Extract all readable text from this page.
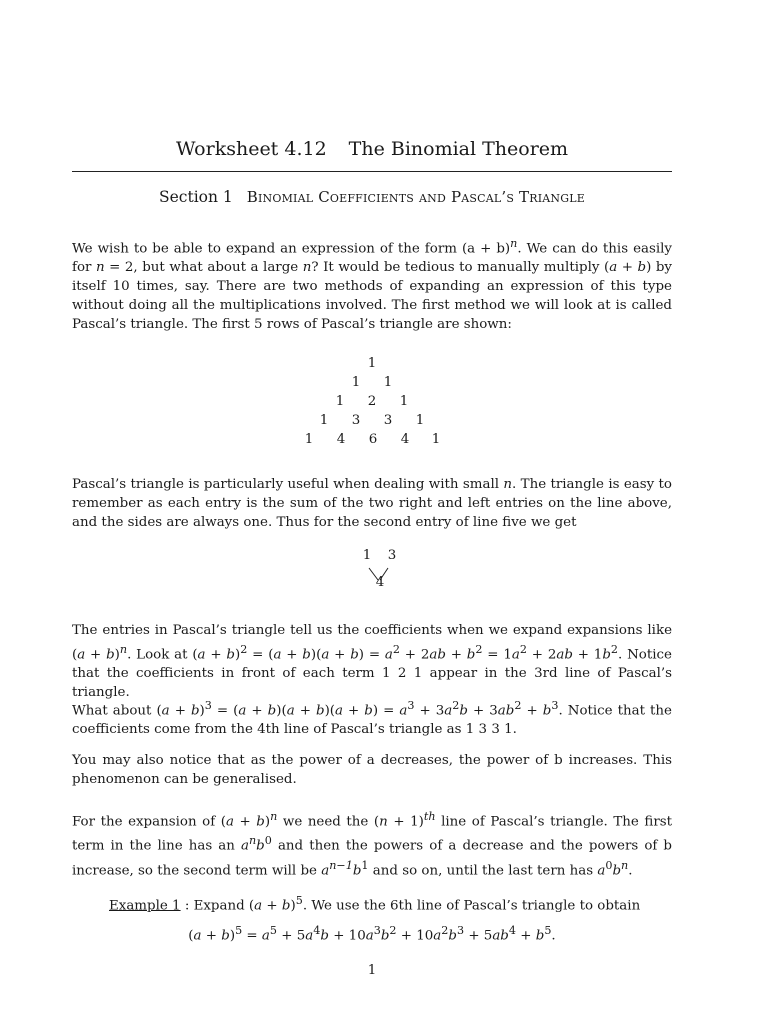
Worksheet 4.12 The Binomial Theorem
Section 1 Binomial Coefficients and Pascal’s Triangle
We wish to be able to expand an expression of the form $(a + b)^n$. We can do this easily for n = 2, but what about a large n? It would be tedious to manually multiply (a + b) by itself 10 times, say. There are two methods of expanding an expression of this type without doing all the multiplications involved. The first method we will look at is called Pascal’s triangle. The first 5 rows of Pascal’s triangle are shown:
1
1	1
1	2	1
1	3	3	1
1	4	6	4	1
Pascal’s triangle is particularly useful when dealing with small n. The triangle is easy to remember as each entry is the sum of the two right and left entries on the line above, and the sides are always one. Thus for the second entry of line five we get
1 3
4
The entries in Pascal’s triangle tell us the coefficients when we expand expansions like $(a + b)^n$. Look at $(a + b)^2 = (a + b)(a + b) = a^2 + 2ab + b^2 = 1a^2 + 2ab + 1b^2$. Notice that the coefficients in front of each term 1 2 1 appear in the 3rd line of Pascal’s triangle.
What about $(a + b)^3 = (a + b)(a + b)(a + b) = a^3 + 3a^2b + 3ab^2 + b^3$. Notice that the coefficients come from the 4th line of Pascal’s triangle as 1 3 3 1.
You may also notice that as the power of a decreases, the power of b increases. This phenomenon can be generalised.
For the expansion of $(a + b)^n$ we need the $(n + 1)^{th}$ line of Pascal’s triangle. The first term in the line has an $a^nb^0$ and then the powers of a decrease and the powers of b increase, so the second term will be $a^{n-1}b^1$ and so on, until the last tern has $a^0b^n$.
Example 1 : Expand $(a + b)^5$. We use the 6th line of Pascal’s triangle to obtain
$(a + b)^5 = a^5 + 5a^4b + 10a^3b^2 + 10a^2b^3 + 5ab^4 + b^5$.
1
